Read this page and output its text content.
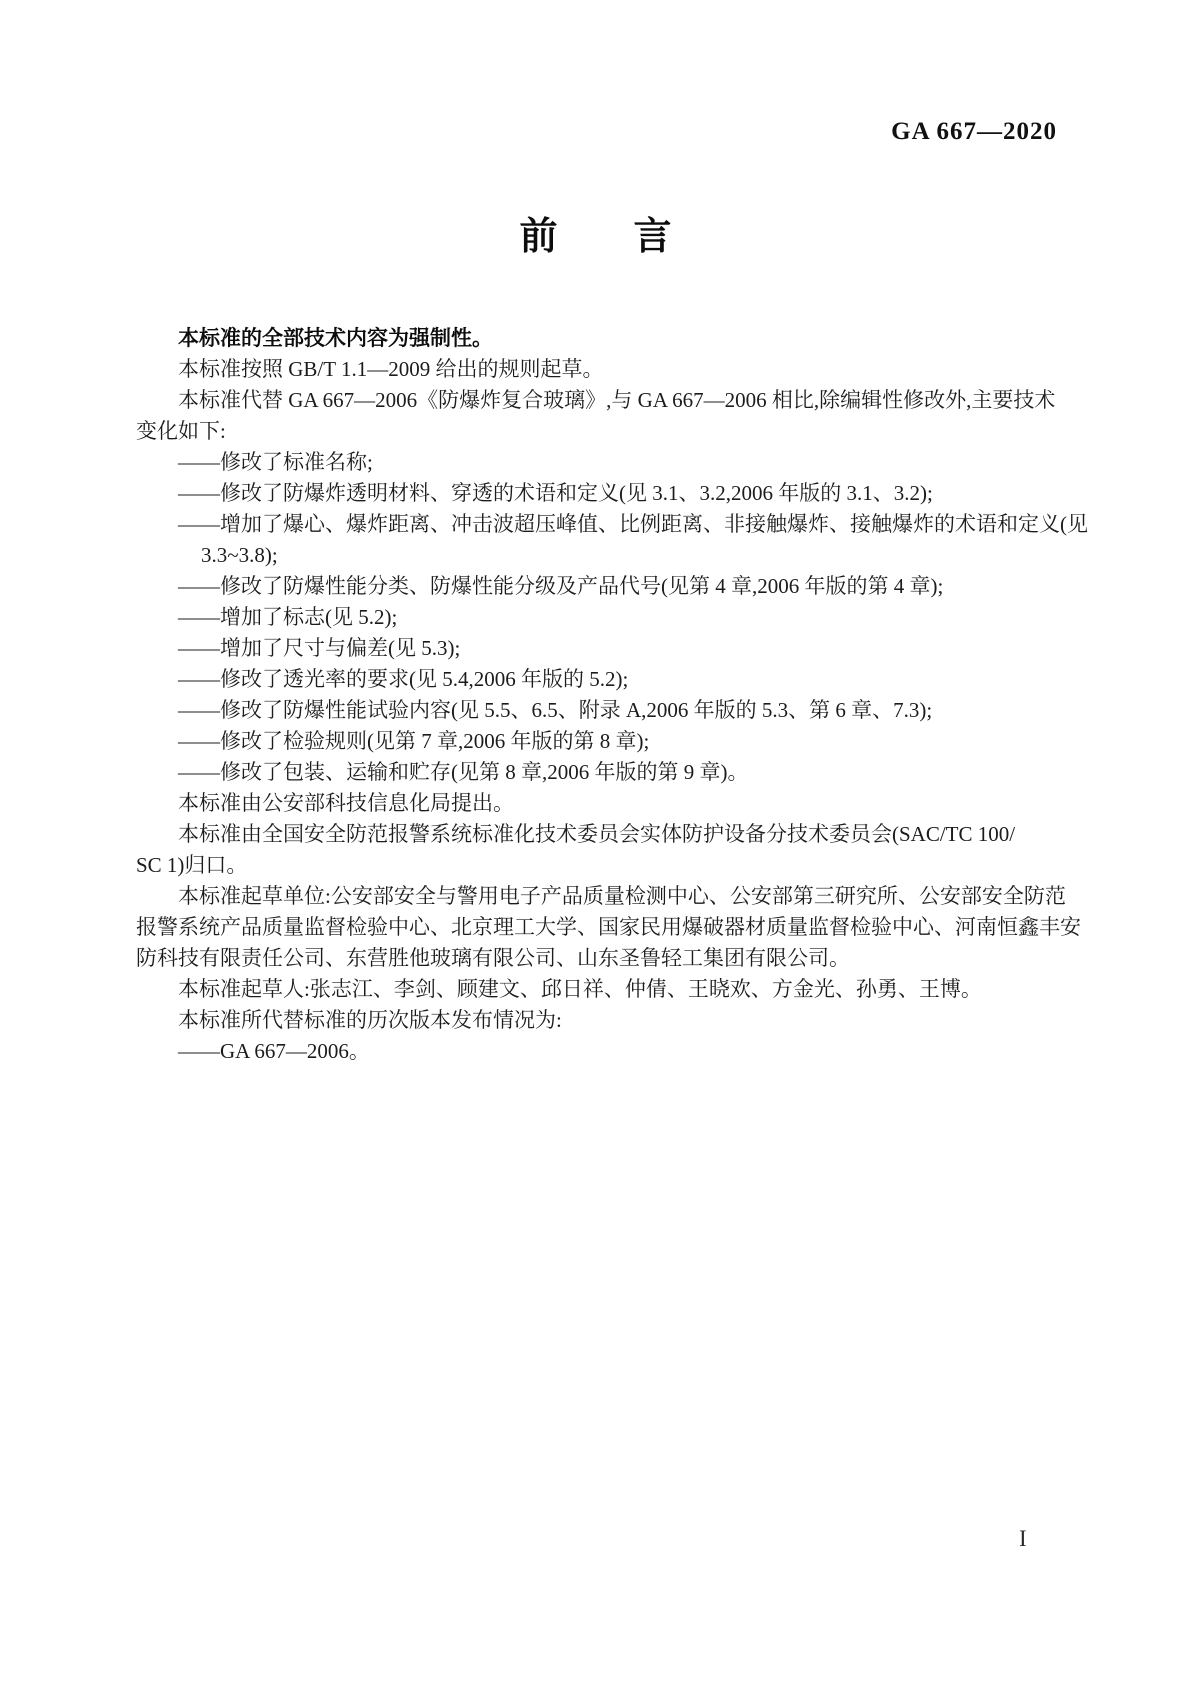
GA 667—2020
前　　言
本标准的全部技术内容为强制性。
本标准按照 GB/T 1.1—2009 给出的规则起草。
本标准代替 GA 667—2006《防爆炸复合玻璃》,与 GA 667—2006 相比,除编辑性修改外,主要技术
变化如下:
——修改了标准名称;
——修改了防爆炸透明材料、穿透的术语和定义(见 3.1、3.2,2006 年版的 3.1、3.2);
——增加了爆心、爆炸距离、冲击波超压峰值、比例距离、非接触爆炸、接触爆炸的术语和定义(见
3.3~3.8);
——修改了防爆性能分类、防爆性能分级及产品代号(见第 4 章,2006 年版的第 4 章);
——增加了标志(见 5.2);
——增加了尺寸与偏差(见 5.3);
——修改了透光率的要求(见 5.4,2006 年版的 5.2);
——修改了防爆性能试验内容(见 5.5、6.5、附录 A,2006 年版的 5.3、第 6 章、7.3);
——修改了检验规则(见第 7 章,2006 年版的第 8 章);
——修改了包装、运输和贮存(见第 8 章,2006 年版的第 9 章)。
本标准由公安部科技信息化局提出。
本标准由全国安全防范报警系统标准化技术委员会实体防护设备分技术委员会(SAC/TC 100/
SC 1)归口。
本标准起草单位:公安部安全与警用电子产品质量检测中心、公安部第三研究所、公安部安全防范
报警系统产品质量监督检验中心、北京理工大学、国家民用爆破器材质量监督检验中心、河南恒鑫丰安
防科技有限责任公司、东营胜他玻璃有限公司、山东圣鲁轻工集团有限公司。
本标准起草人:张志江、李剑、顾建文、邱日祥、仲倩、王晓欢、方金光、孙勇、王博。
本标准所代替标准的历次版本发布情况为:
——GA 667—2006。
I
